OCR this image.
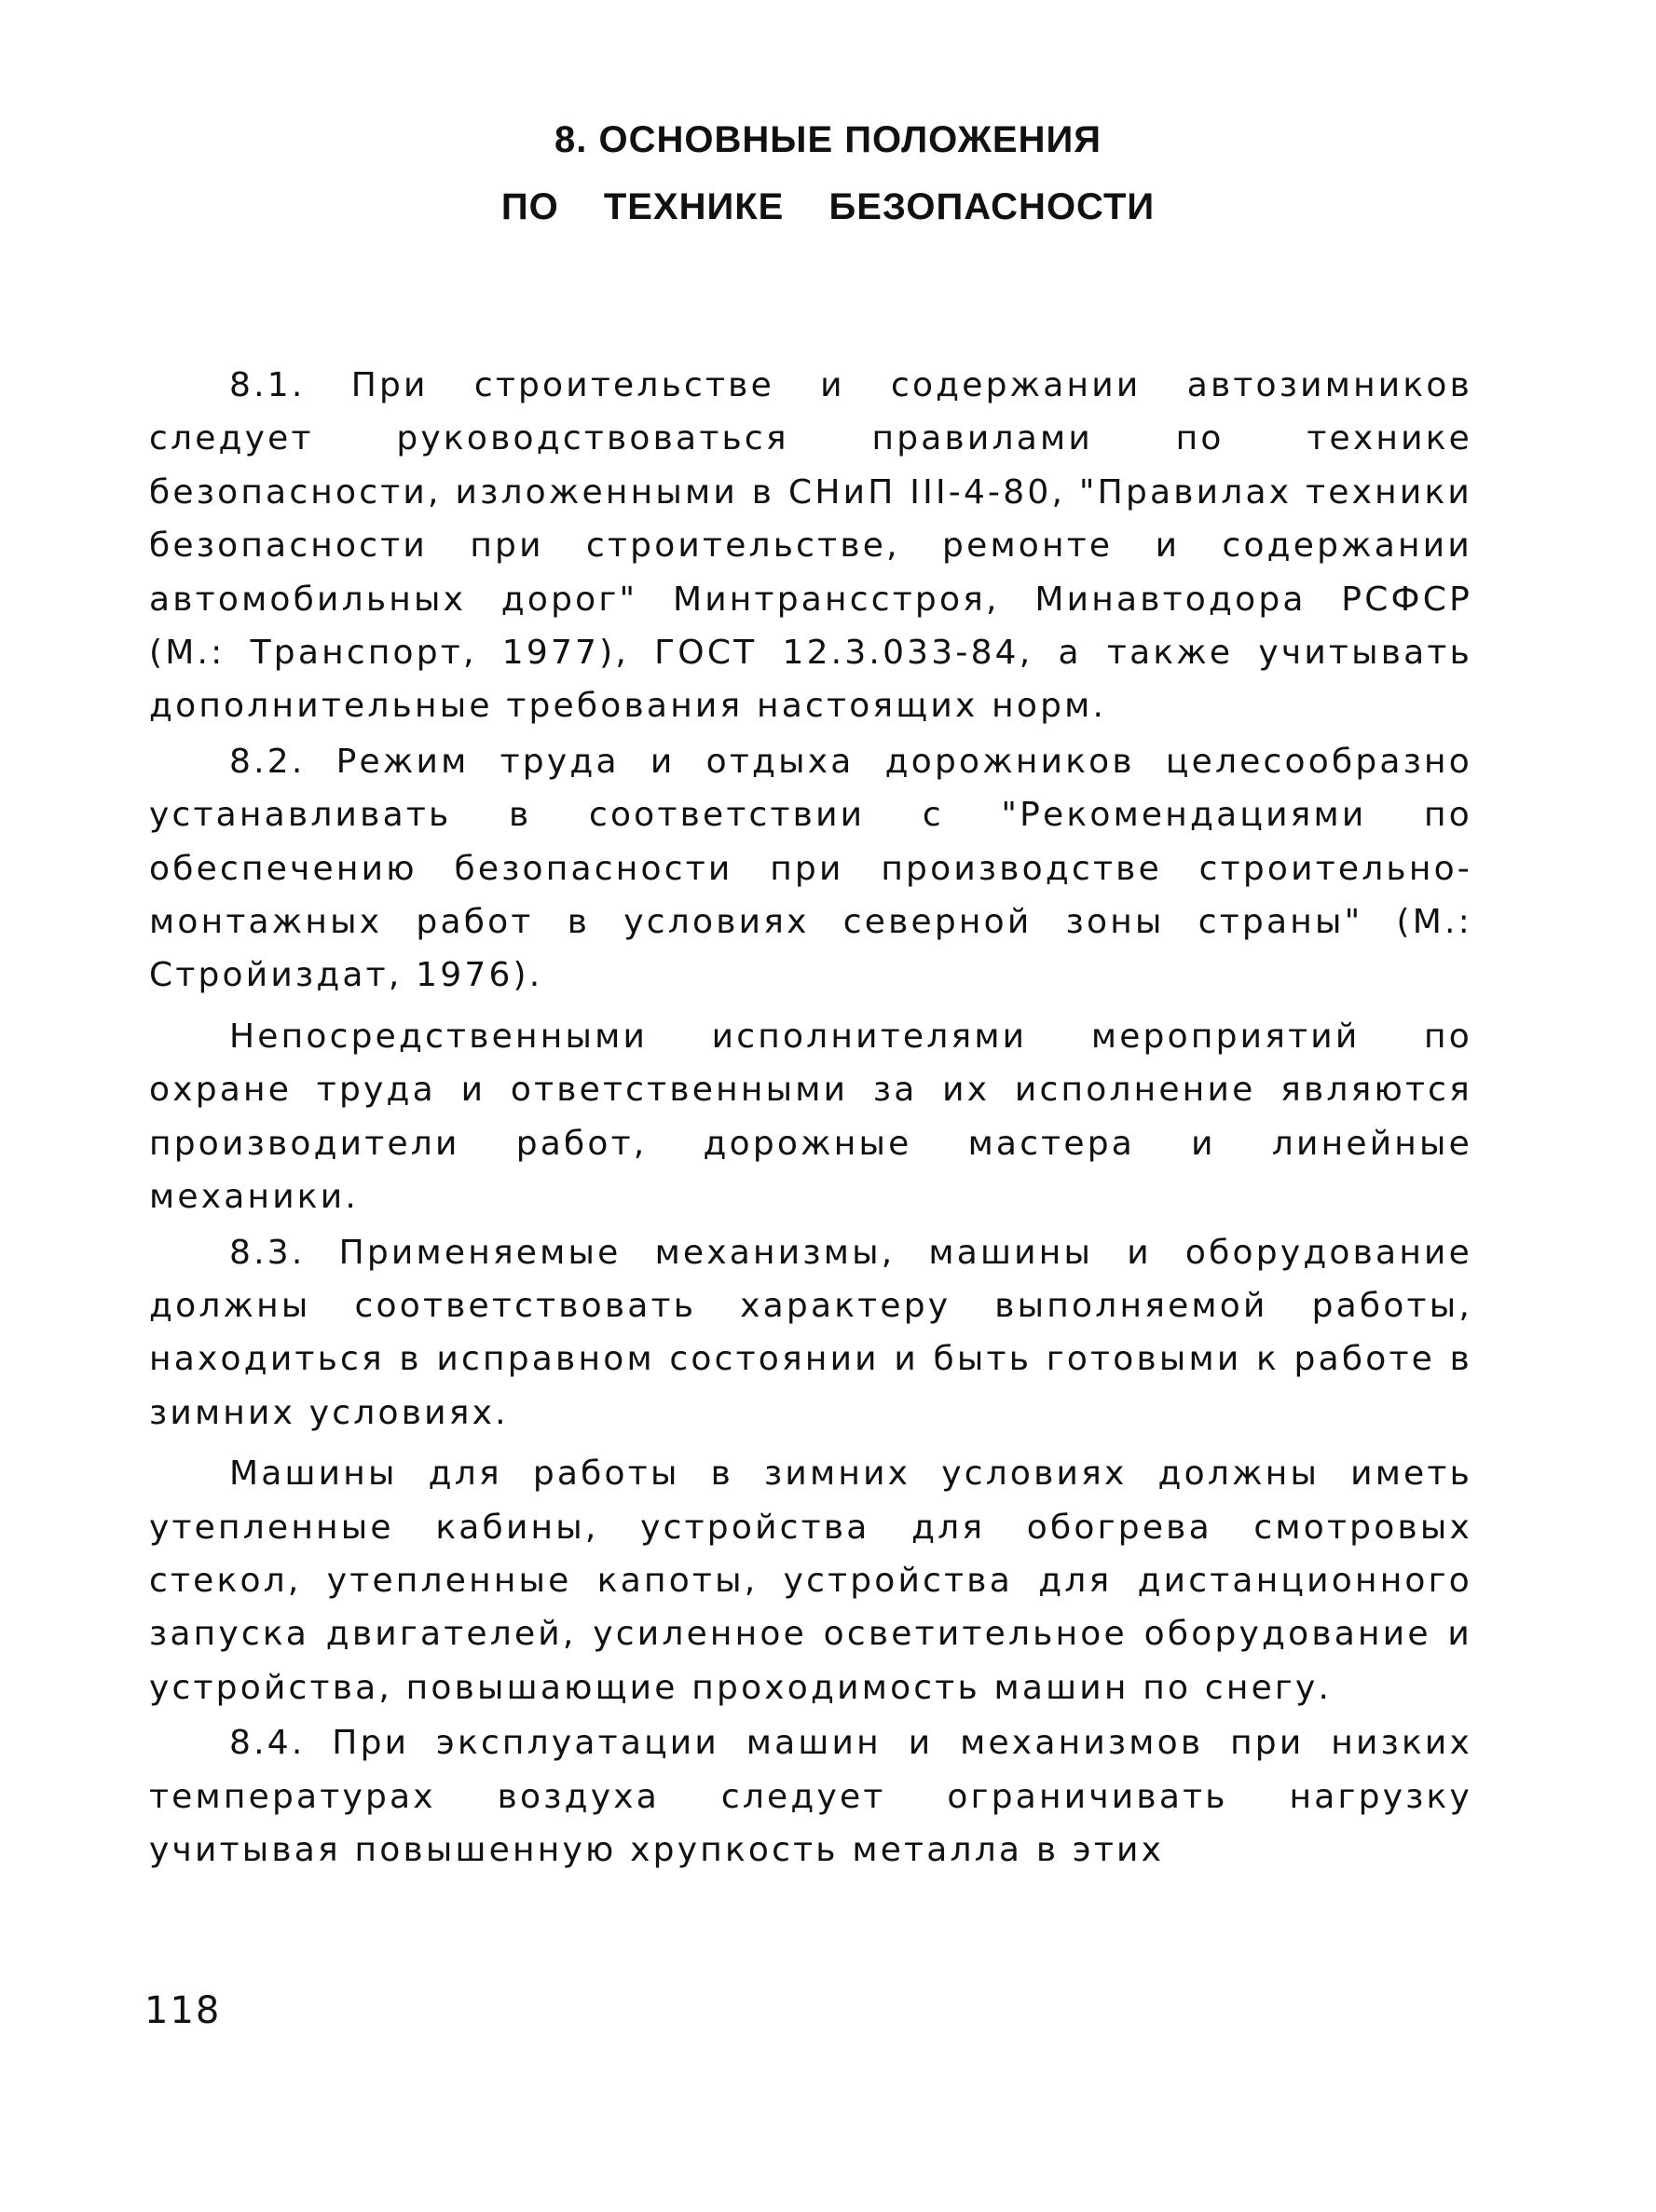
8. ОСНОВНЫЕ ПОЛОЖЕНИЯ
ПО ТЕХНИКЕ БЕЗОПАСНОСТИ

8.1. При строительстве и содержании автозимников следует руководствоваться правилами по технике безопасности, изложенными в СНиП III-4-80, "Правилах техники безопасности при строительстве, ремонте и содержании автомобильных дорог" Минтрансстроя, Минавтодора РСФСР (М.: Транспорт, 1977), ГОСТ 12.3.033-84, а также учитывать дополнительные требования настоящих норм.

8.2. Режим труда и отдыха дорожников целесообразно устанавливать в соответствии с "Рекомендациями по обеспечению безопасности при производстве строительно-монтажных работ в условиях северной зоны страны" (М.: Стройиздат, 1976).

Непосредственными исполнителями мероприятий по охране труда и ответственными за их исполнение являются производители работ, дорожные мастера и линейные механики.

8.3. Применяемые механизмы, машины и оборудование должны соответствовать характеру выполняемой работы, находиться в исправном состоянии и быть готовыми к работе в зимних условиях.

Машины для работы в зимних условиях должны иметь утепленные кабины, устройства для обогрева смотровых стекол, утепленные капоты, устройства для дистанционного запуска двигателей, усиленное осветительное оборудование и устройства, повышающие проходимость машин по снегу.

8.4. При эксплуатации машин и механизмов при низких температурах воздуха следует ограничивать нагрузку учитывая повышенную хрупкость металла в этих

118
